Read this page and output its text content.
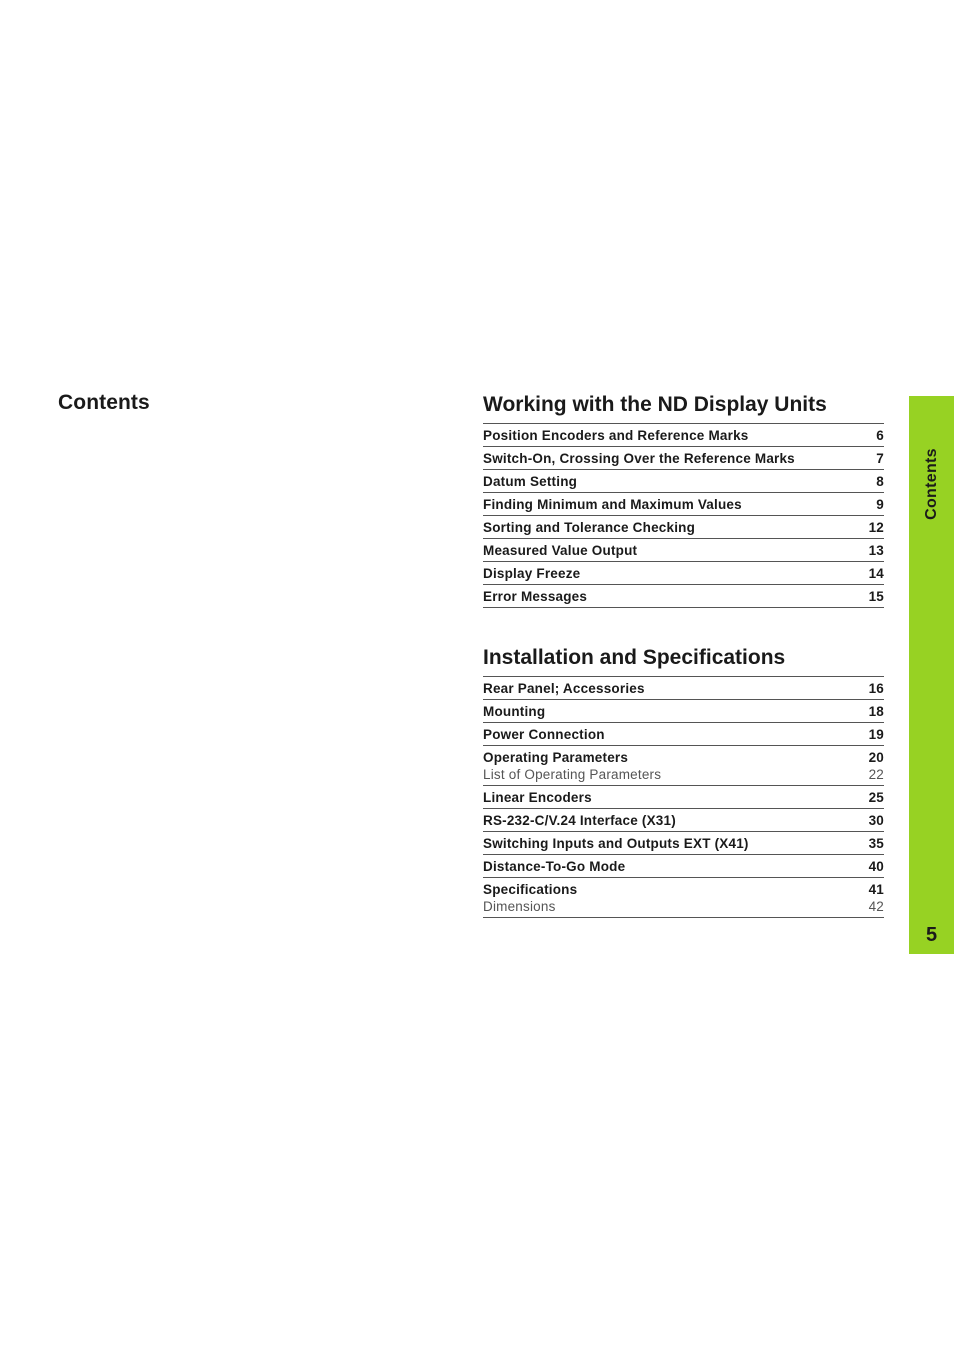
Contents	Working with the ND Display Units
Position Encoders and Reference Marks	6
Switch-On, Crossing Over the Reference Marks	7
Datum Setting	8
Finding Minimum and Maximum Values	9
Sorting and Tolerance Checking	12
Measured Value Output	13
Display Freeze	14
Error Messages	15
Installation and Specifications
Rear Panel; Accessories	16
Mounting	18
Power Connection	19
Operating Parameters	20
List of Operating Parameters	22
Linear Encoders	25
RS-232-C/V.24 Interface (X31)	30
Switching Inputs and Outputs EXT (X41)	35
Distance-To-Go Mode	40
Specifications	41
Dimensions	42
Contents
5
